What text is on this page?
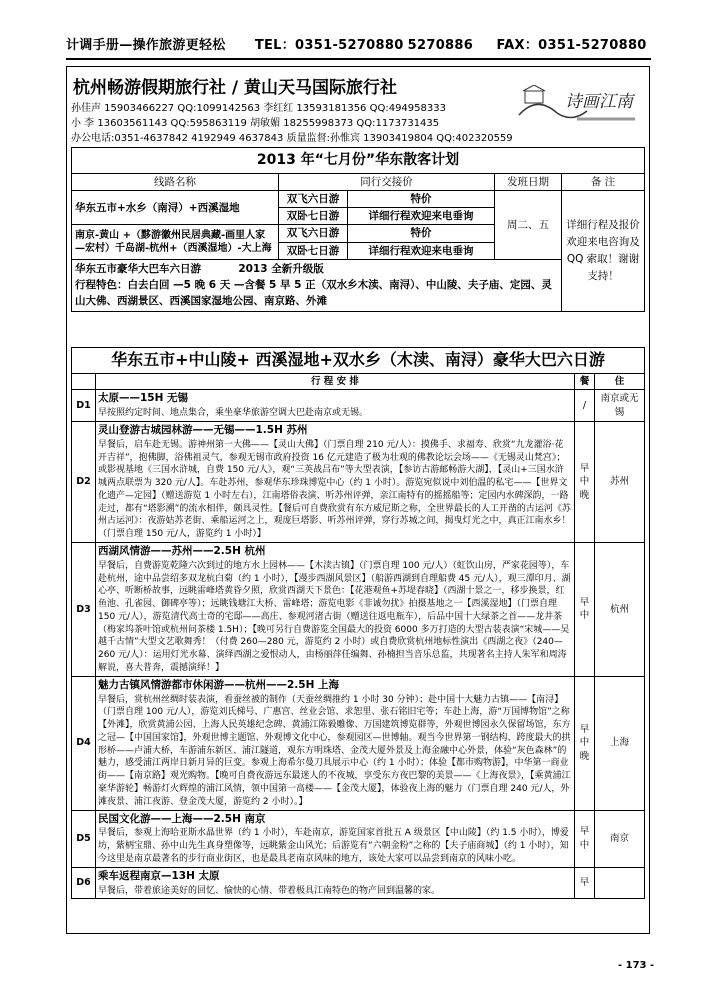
计调手册—操作旅游更轻松 TEL：0351-5270880 5270886 FAX：0351-5270880
杭州畅游假期旅行社 / 黄山天马国际旅行社
孙佳声 15903466227 QQ:1099142563 李红红 13593181356 QQ:494958333
小 李 13603561143 QQ:595863119 胡敏媚 18255998373 QQ:1173731435
办公电话:0351-4637842 4192949 4637843 质量监督:孙惟宾 13903419804 QQ:402320559
诗画江南
2013 年“七月份”华东散客计划				
线路名称	同行交接价		发班日期	备 注
华东五市+水乡（南浔）+西溪湿地	双飞六日游	特价	周二、五	详细行程及报价欢迎来电咨询及QQ 索取！谢谢支持！
	双卧七日游	详细行程欢迎来电垂询		
南京-黄山 +（黟游徽州民居典藏-画里人家—宏村）千岛湖-杭州+（西溪湿地）-大上海	双飞六日游	特价		
	双卧七日游	详细行程欢迎来电垂询		
华东五市豪华大巴车六日游 2013 全新升级版
行程特色：白去白回 —5 晚 6 天 —含餐 5 早 5 正（双水乡木渎、南浔）、中山陵、夫子庙、定园、灵山大佛、西湖景区、西溪国家湿地公园、南京路、外滩				
华东五市+中山陵+ 西溪湿地+双水乡（木渎、南浔）豪华大巴六日游			
	行 程 安 排	餐	住
D1	太原——15H 无锡
早按照约定时间、地点集合，乘坐豪华旅游空调大巴赴南京或无锡。	/	南京或无锡
D2	灵山登游古城园林游——无锡——1.5H 苏州
早餐后，启车赴无锡。游神州第一大佛——【灵山大佛】（门票自理 210 元/人）：摸佛手、求福寿、欣赏“九龙灌浴·花开吉祥”，抱佛脚，浴佛祖灵气，参观无锡市政府投资 16 亿元建造了极为壮观的佛教论坛会场——《无锡灵山梵宫》；或影视基地《三国水浒城，自费 150 元/人》，观“三英战吕布”等大型表演，【参访古游邮畅游大湖】，【灵山+三国水浒城两点联票为 320 元/人】。车赴苏州，参观华东珍珠博览中心（约 1 小时）。游览宛似说中刘伯温的私宅——【世界文化遗产—定园】（赠送游览 1 小时左右），江南塔俗表演、听苏州评弹，亲江南特有的摇摇船等；定园内水碑深韵，一路走过，都有“塔影溯”的流水相伴，颇具灵性。【餐后可自费欣赏有东方威尼斯之称，全世界最长的人工开凿的古运河《苏州古运河》：夜游姑苏老街、乘船运河之上，观庞巨塔影、听苏州评弹，穿行苏城之间，揭曳灯光之中，真正江南水乡！（门票自理 150 元/人，游览约 1 小时）】	早中晚	苏州
D3	西湖风情游——苏州——2.5H 杭州
早餐后，自费游览乾隆六次到过的地方水上园林——【木渎古镇】（门票自理 100 元/人）（虹饮山房，严家花园等），车赴杭州，途中品尝绍多双龙杭白菊（约 1 小时），【漫步西湖风景区】（船游西湖到自理船费 45 元/人），观三潭印月、湖心亭、听断桥故事，远眺雷峰塔黄昏夕照，欣赏西湖天下景色：【花港观鱼+苏堤春晓】（西湖十景之一，移步换景，红鱼池、孔雀园、御碑亭等）；远眺钱塘江大桥、雷峰塔；游览电影《非诚勿扰》拍摄基地之一【西溪湿地】（门票自理 150 元/人），游览清代高士奇的宅邸——高庄、参观河渚古街（赠送往返电瓶车），后品中国十大绿茶之首——龙井茶（梅家坞茶叶馆或杭州问茶楼 1.5H）；【晚可另行自费游览全国最大的投资 6000 多万打造的大型古装表演“宋城——吴越千古情”大型文艺歌舞秀！（付费 260—280 元，游览约 2 小时）或自费欣赏杭州地标性演出《西湖之夜》（240—260 元/人）：运用灯光水幕、演绎西湖之爱恨动人，由杨丽萍任编舞、孙楠担当音乐总监，共现著名主持人朱军和周涛解说，喜大普奔，震撼演绎！】	早中	杭州
D4	魅力古镇风情游都市休闲游——杭州——2.5H 上海
早餐后，赏杭州丝绸时装表演，看蚕丝被的制作（天蚕丝绸推约 1 小时 30 分钟）；赴中国十大魅力古镇——【南浔】（门票自理 100 元/人），游览刘氏梯号、广惠宫、丝业会馆、求恕里、张石铭旧宅等；车赴上海，游“万国博物馆”之称【外滩】，欣赏黄浦公园、上海人民英雄纪念碑、黄浦江陈毅雕像、万国建筑博览群等，外观世博园永久保留场馆，东方之冠—【中国国家馆】，外观世博主题馆、外观博文化中心，参观园区—世博轴。观当今世界第一钢结构、跨度最大的拱形桥——卢浦大桥，车游浦东新区、浦江隧道，观东方明珠塔、金茂大厦外景及上海金融中心外景，体验“灰色森林”的魅力，感受浦江两岸日新月异的巨变。参观上海希尔曼刀具展示中心（约 1 小时）；体验【都市购物游】，中华第一商业街——【南京路】观光购物。【晚可自费夜游远东最迷人的不夜城，享受东方夜巴黎的美景——《上海夜景》，【乘黄浦江豪华游轮】畅游灯火辉煌的浦江风情，领中国第一高楼——【金茂大厦】，体验夜上海的魅力（门票自理 240 元/人，外滩夜景、浦江夜游、登金茂大厦，游览约 2 小时）。】	早中晚	上海
D5	民国文化游——上海——2.5H 南京
早餐后，参观上海哈亚斯水晶世界（约 1 小时），车赴南京，游览国家首批五 A 级景区【中山陵】（约 1.5 小时），博爱坊，紫柄宝鼎、孙中山先生真身塑像等，远眺紫金山风光；后游览有“六朝金粉”之称的【夫子庙商城】（约 1 小时），知今这里是南京最著名的步行商业街区，也是最具老南京风味的地方，该处大家可以品尝到南京的风味小吃。	早中	南京
D6	乘车返程南京—13H 太原
早餐后，带着旅途美好的回忆、愉快的心情、带着极具江南特色的物产回到温馨的家。	早	
- 173 -
